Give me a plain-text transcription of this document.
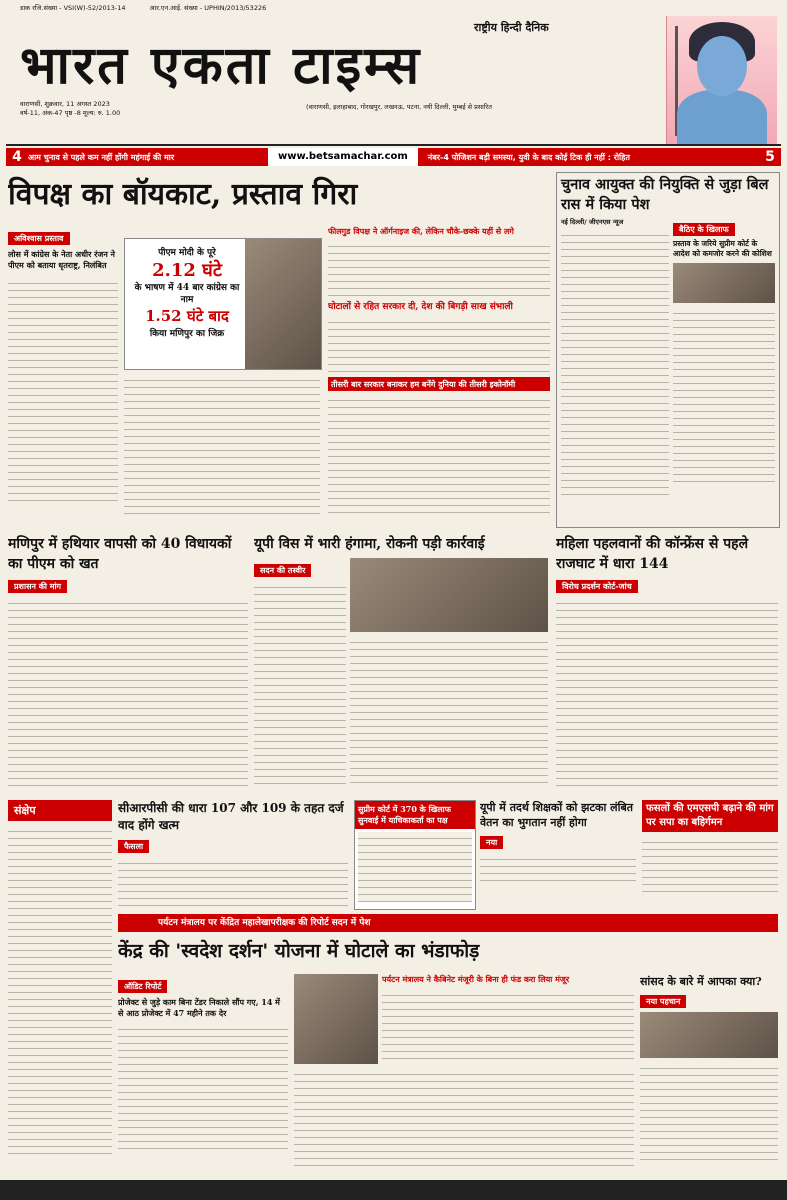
डाक रजि.संख्या - VSI(W)-52/2013-14	आर.एन.आई. संख्या - UPHIN/2013/53226
राष्ट्रीय हिन्दी दैनिक
भारत एकता टाइम्स
वाराणसी, शुक्रवार, 11 अगस्त 2023
वर्ष-11, अंक-47 पृष्ठ -8 मूल्य: रु. 1.00
(वाराणसी, इलाहाबाद, गोरखपुर, लखनऊ, पटना, नयी दिल्ली, मुम्बई से प्रसारित
4 आम चुनाव से पहले कम नहीं होंगी महंगाई की मार	www.betsamachar.com	नंबर-4 पोजिशन बड़ी समस्या, युवी के बाद कोई टिक ही नहीं : रोहित	5
विपक्ष का बॉयकाट, प्रस्ताव गिरा
अविश्वास प्रस्ताव
लोस में कांग्रेस के नेता अधीर रंजन ने पीएम को बताया धृतराष्ट्र, निलंबित
पीएम मोदी के पूरे
2.12 घंटे
के भाषण में 44 बार कांग्रेस का नाम
1.52 घंटे बाद
किया मणिपुर का जिक्र
फीलगुड विपक्ष ने ऑर्गनाइज की, लेकिन चौके-छक्के यहीं से लगे
घोटालों से रहित सरकार दी, देश की बिगड़ी साख संभाली
तीसरी बार सरकार बनाकर हम बनेंगे दुनिया की तीसरी इकोनॉमी
चुनाव आयुक्त की नियुक्ति से जुड़ा बिल रास में किया पेश
नई दिल्ली/ जीएनएस न्यूज
बैठिए के खिलाफ
प्रस्ताव के जरिये सुप्रीम कोर्ट के आदेश को कमजोर करने की कोशिश
मणिपुर में हथियार वापसी को 40 विधायकों का पीएम को खत
प्रशासन की मांग
यूपी विस में भारी हंगामा, रोकनी पड़ी कार्रवाई
सदन की तस्वीर
महिला पहलवानों की कॉन्फ्रेंस से पहले राजघाट में धारा 144
विरोध प्रदर्शन कोर्ट-जांच
संक्षेप	सीआरपीसी की धारा 107 और 109 के तहत दर्ज वाद होंगे खत्म
फैसला
सुप्रीम कोर्ट में 370 के खिलाफ सुनवाई में याचिकाकर्ता का पक्ष
यूपी में तदर्थ शिक्षकों को झटका लंबित वेतन का भुगतान नहीं होगा
नया
फसलों की एमएसपी बढ़ाने की मांग पर सपा का बहिर्गमन
पर्यटन मंत्रालय पर केंद्रित महालेखापरीक्षक की रिपोर्ट सदन में पेश
केंद्र की 'स्वदेश दर्शन' योजना में घोटाले का भंडाफोड़
ऑडिट रिपोर्ट
प्रोजेक्ट से जुड़े काम बिना टेंडर निकाले सौंप गए, 14 में से आठ प्रोजेक्ट में 47 महीने तक देर
पर्यटन मंत्रालय ने कैबिनेट मंजूरी के बिना ही फंड करा लिया मंजूर	सांसद के बारे में आपका क्या?
नया पहचान
